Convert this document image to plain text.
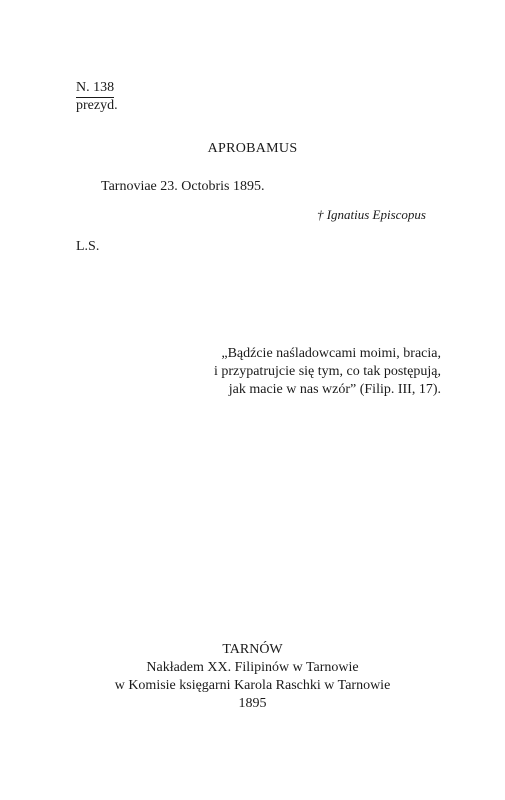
N. 138
prezyd.
APROBAMUS
Tarnoviae 23. Octobris 1895.
† Ignatius Episcopus
L.S.
„Bądźcie naśladowcami moimi, bracia,
i przypatrujcie się tym, co tak postępują,
jak macie w nas wzór” (Filip. III, 17).
TARNÓW
Nakładem XX. Filipinów w Tarnowie
w Komisie księgarni Karola Raschki w Tarnowie
1895
